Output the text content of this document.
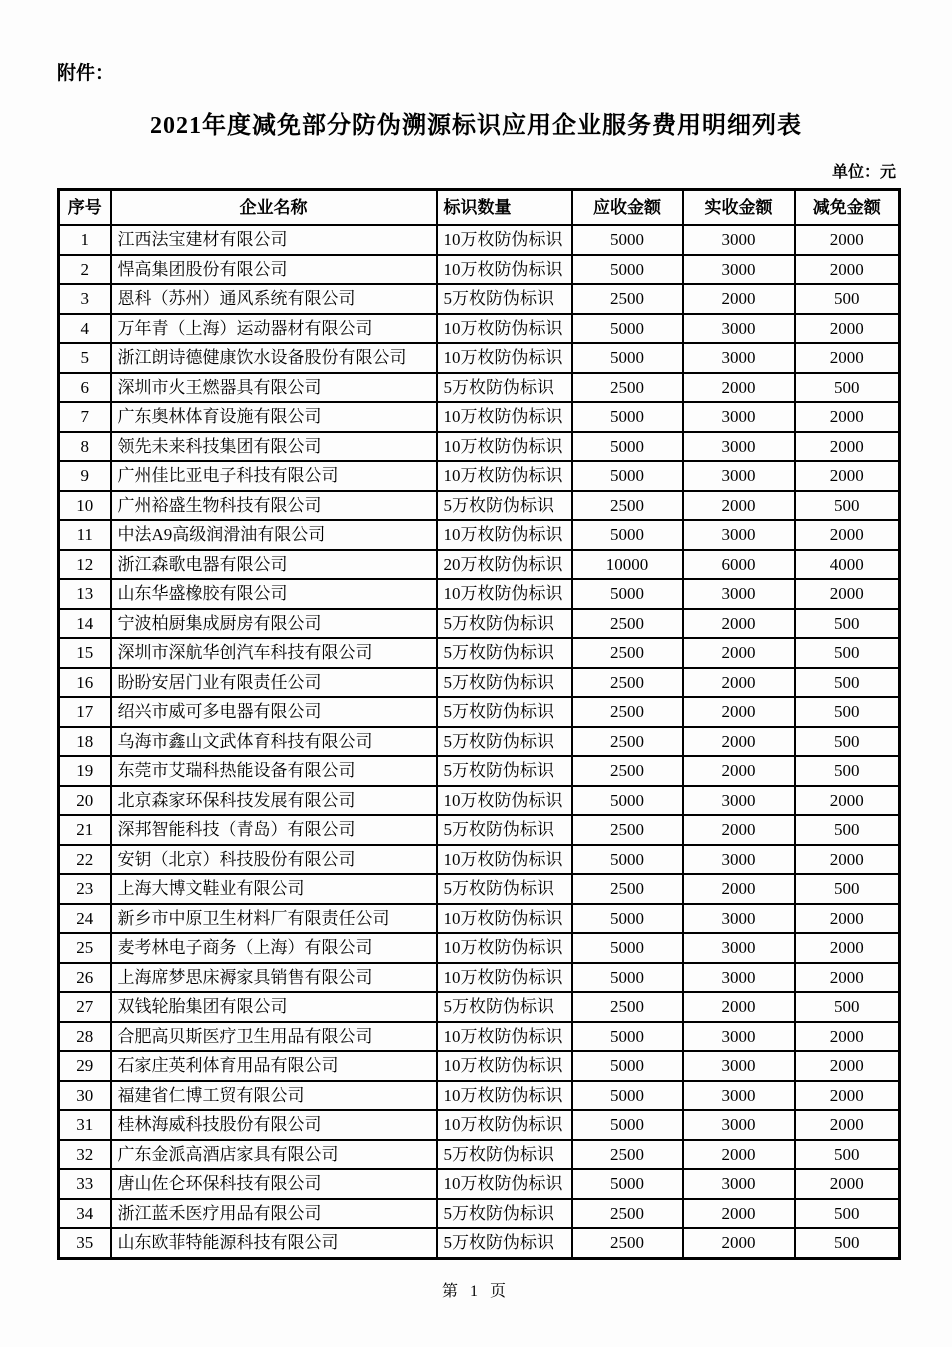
附件：
2021年度减免部分防伪溯源标识应用企业服务费用明细列表
单位：元
序号	企业名称	标识数量	应收金额	实收金额	减免金额
1	江西法宝建材有限公司	10万枚防伪标识	5000	3000	2000
2	悍高集团股份有限公司	10万枚防伪标识	5000	3000	2000
3	恩科（苏州）通风系统有限公司	5万枚防伪标识	2500	2000	500
4	万年青（上海）运动器材有限公司	10万枚防伪标识	5000	3000	2000
5	浙江朗诗德健康饮水设备股份有限公司	10万枚防伪标识	5000	3000	2000
6	深圳市火王燃器具有限公司	5万枚防伪标识	2500	2000	500
7	广东奥林体育设施有限公司	10万枚防伪标识	5000	3000	2000
8	领先未来科技集团有限公司	10万枚防伪标识	5000	3000	2000
9	广州佳比亚电子科技有限公司	10万枚防伪标识	5000	3000	2000
10	广州裕盛生物科技有限公司	5万枚防伪标识	2500	2000	500
11	中法A9高级润滑油有限公司	10万枚防伪标识	5000	3000	2000
12	浙江森歌电器有限公司	20万枚防伪标识	10000	6000	4000
13	山东华盛橡胶有限公司	10万枚防伪标识	5000	3000	2000
14	宁波柏厨集成厨房有限公司	5万枚防伪标识	2500	2000	500
15	深圳市深航华创汽车科技有限公司	5万枚防伪标识	2500	2000	500
16	盼盼安居门业有限责任公司	5万枚防伪标识	2500	2000	500
17	绍兴市威可多电器有限公司	5万枚防伪标识	2500	2000	500
18	乌海市鑫山文武体育科技有限公司	5万枚防伪标识	2500	2000	500
19	东莞市艾瑞科热能设备有限公司	5万枚防伪标识	2500	2000	500
20	北京森家环保科技发展有限公司	10万枚防伪标识	5000	3000	2000
21	深邦智能科技（青岛）有限公司	5万枚防伪标识	2500	2000	500
22	安钥（北京）科技股份有限公司	10万枚防伪标识	5000	3000	2000
23	上海大博文鞋业有限公司	5万枚防伪标识	2500	2000	500
24	新乡市中原卫生材料厂有限责任公司	10万枚防伪标识	5000	3000	2000
25	麦考林电子商务（上海）有限公司	10万枚防伪标识	5000	3000	2000
26	上海席梦思床褥家具销售有限公司	10万枚防伪标识	5000	3000	2000
27	双钱轮胎集团有限公司	5万枚防伪标识	2500	2000	500
28	合肥高贝斯医疗卫生用品有限公司	10万枚防伪标识	5000	3000	2000
29	石家庄英利体育用品有限公司	10万枚防伪标识	5000	3000	2000
30	福建省仁博工贸有限公司	10万枚防伪标识	5000	3000	2000
31	桂林海威科技股份有限公司	10万枚防伪标识	5000	3000	2000
32	广东金派高酒店家具有限公司	5万枚防伪标识	2500	2000	500
33	唐山佐仑环保科技有限公司	10万枚防伪标识	5000	3000	2000
34	浙江蓝禾医疗用品有限公司	5万枚防伪标识	2500	2000	500
35	山东欧菲特能源科技有限公司	5万枚防伪标识	2500	2000	500
第 1 页
